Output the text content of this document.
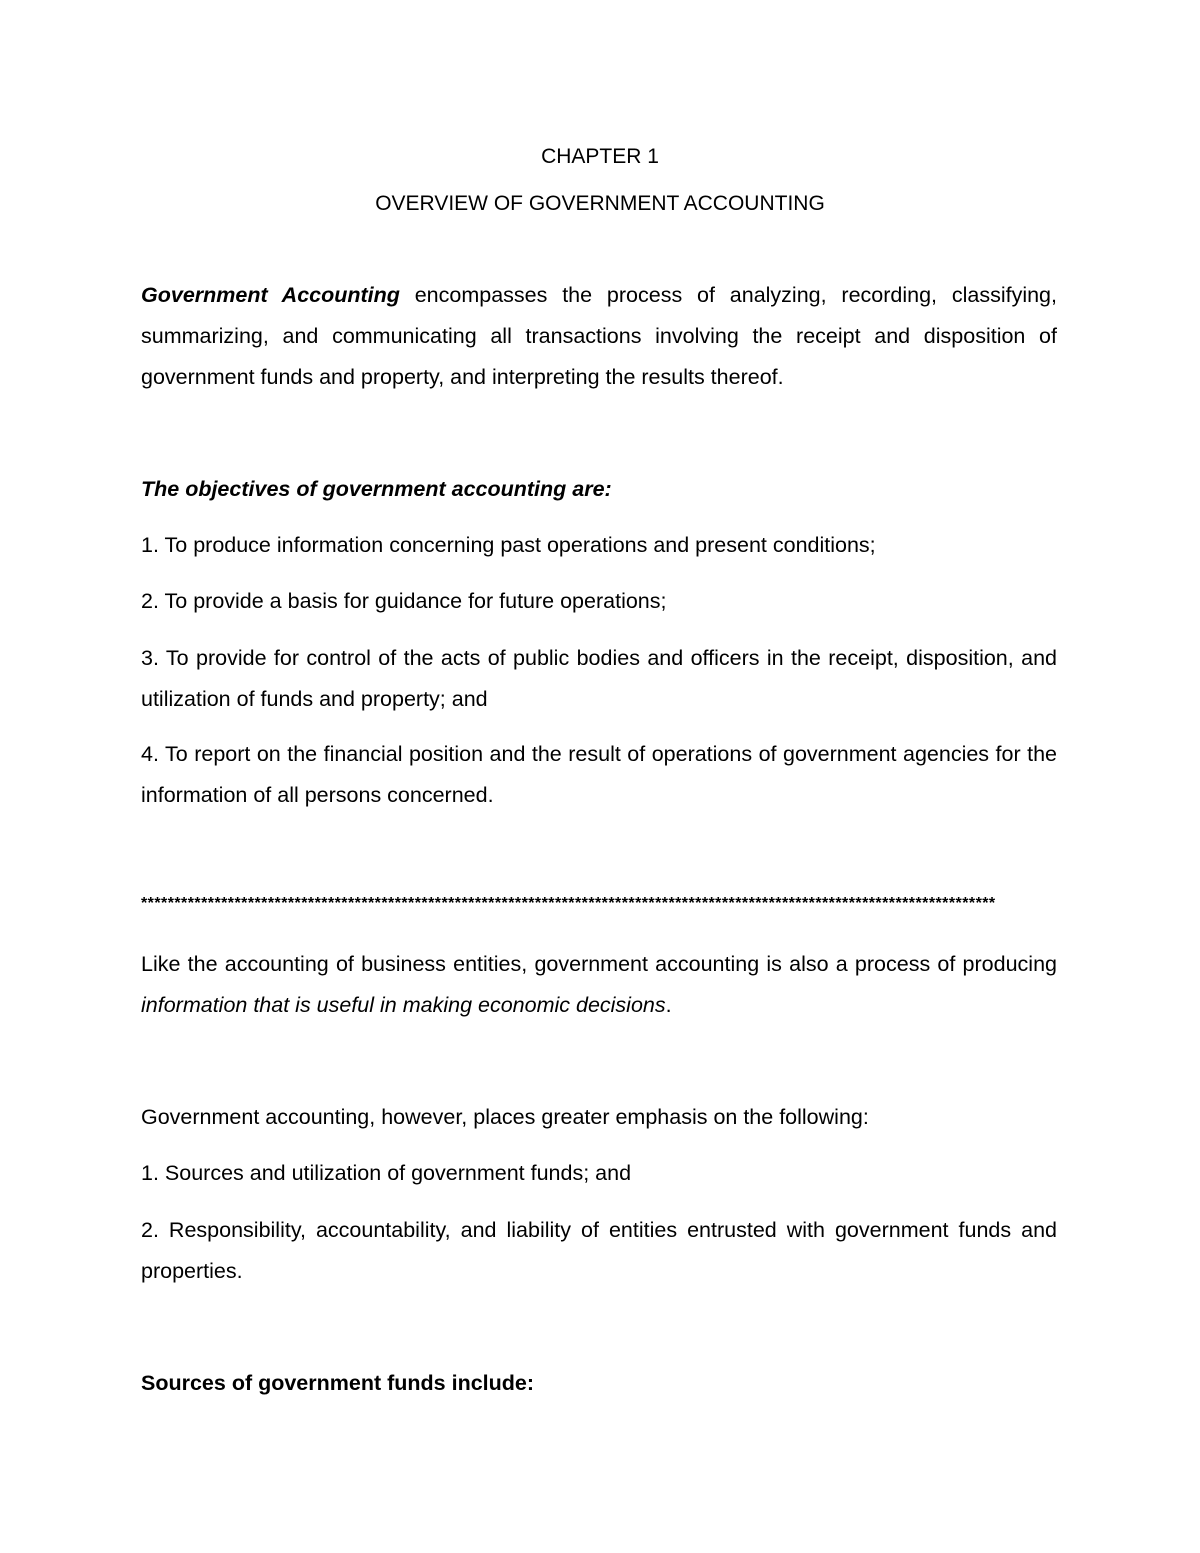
CHAPTER 1
OVERVIEW OF GOVERNMENT ACCOUNTING

Government Accounting encompasses the process of analyzing, recording, classifying, summarizing, and communicating all transactions involving the receipt and disposition of government funds and property, and interpreting the results thereof.

The objectives of government accounting are:

1. To produce information concerning past operations and present conditions;

2. To provide a basis for guidance for future operations;

3. To provide for control of the acts of public bodies and officers in the receipt, disposition, and utilization of funds and property; and

4. To report on the financial position and the result of operations of government agencies for the information of all persons concerned.

********************************************************************************************************************************

Like the accounting of business entities, government accounting is also a process of producing information that is useful in making economic decisions.

Government accounting, however, places greater emphasis on the following:

1. Sources and utilization of government funds; and

2. Responsibility, accountability, and liability of entities entrusted with government funds and properties.

Sources of government funds include:
